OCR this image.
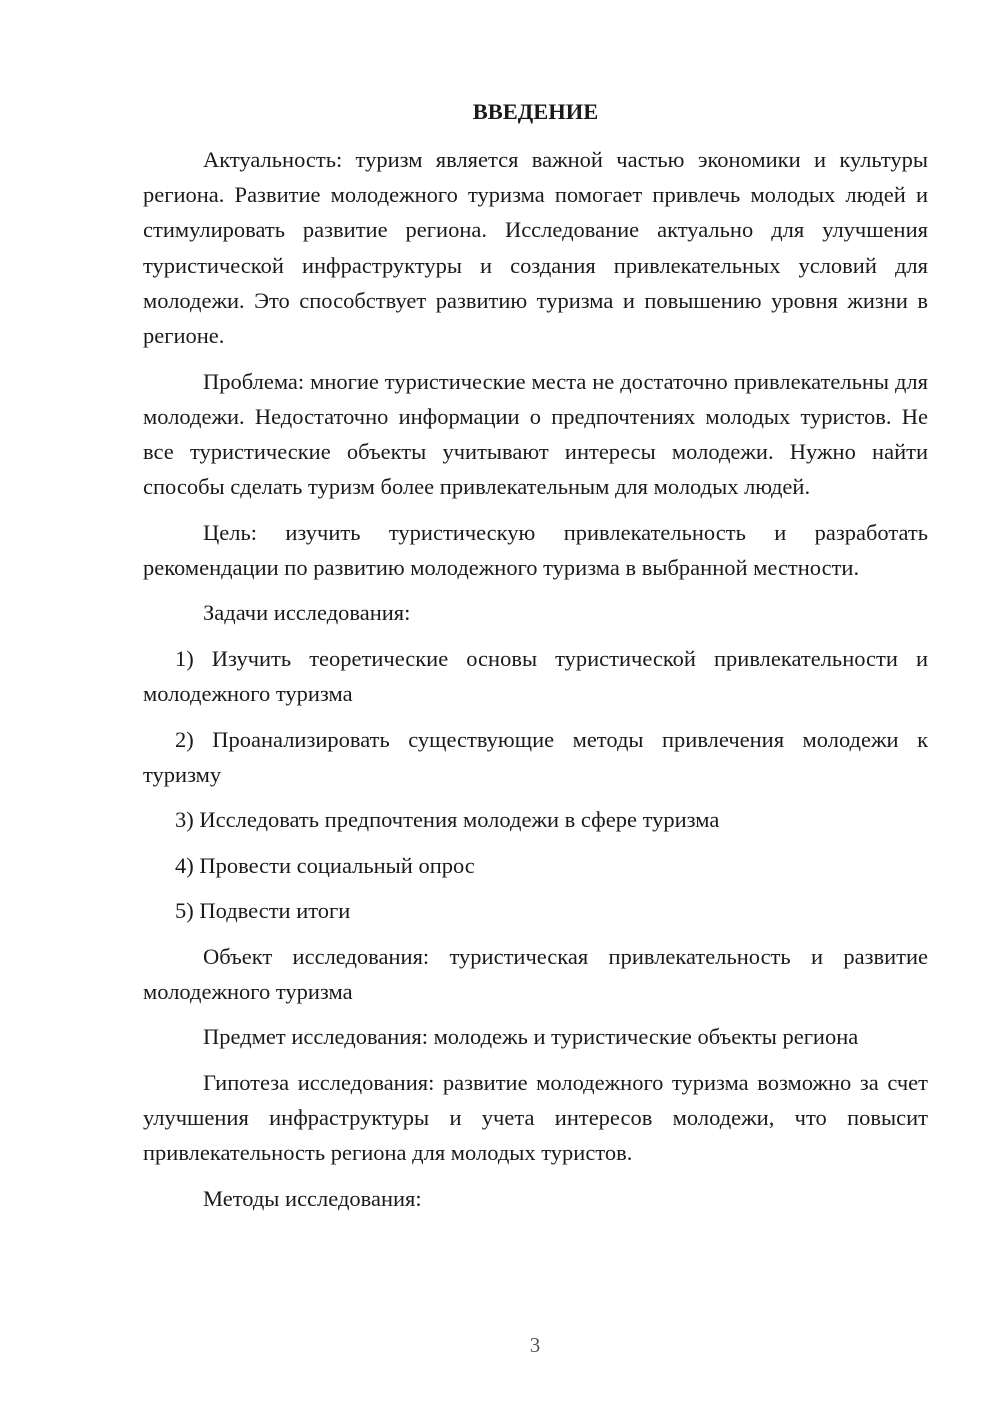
ВВЕДЕНИЕ

Актуальность: туризм является важной частью экономики и культуры региона. Развитие молодежного туризма помогает привлечь молодых людей и стимулировать развитие региона. Исследование актуально для улучшения туристической инфраструктуры и создания привлекательных условий для молодежи. Это способствует развитию туризма и повышению уровня жизни в регионе.

Проблема: многие туристические места не достаточно привлекательны для молодежи. Недостаточно информации о предпочтениях молодых туристов. Не все туристические объекты учитывают интересы молодежи. Нужно найти способы сделать туризм более привлекательным для молодых людей.

Цель: изучить туристическую привлекательность и разработать рекомендации по развитию молодежного туризма в выбранной местности.

Задачи исследования:

1) Изучить теоретические основы туристической привлекательности и молодежного туризма

2) Проанализировать существующие методы привлечения молодежи к туризму

3) Исследовать предпочтения молодежи в сфере туризма

4) Провести социальный опрос

5) Подвести итоги

Объект исследования: туристическая привлекательность и развитие молодежного туризма

Предмет исследования: молодежь и туристические объекты региона

Гипотеза исследования: развитие молодежного туризма возможно за счет улучшения инфраструктуры и учета интересов молодежи, что повысит привлекательность региона для молодых туристов.

Методы исследования:

3
